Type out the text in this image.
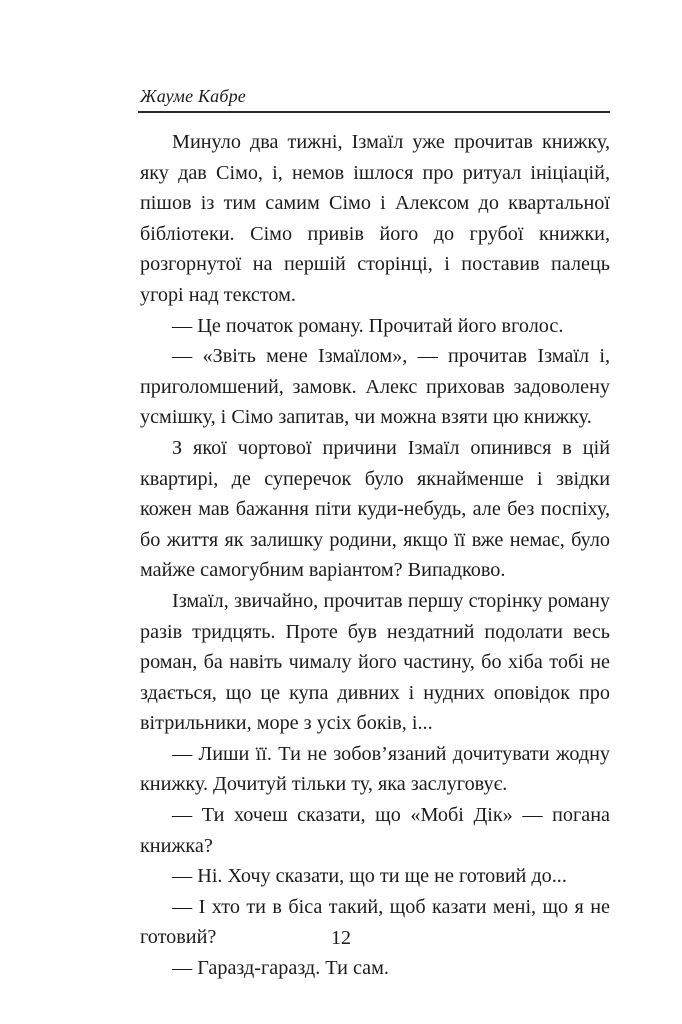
Жауме Кабре

Минуло два тижні, Ізмаїл уже прочитав книжку, яку дав Сімо, і, немов ішлося про ритуал ініціацій, пішов із тим самим Сімо і Алексом до квартальної бібліотеки. Сімо привів його до грубої книжки, розгорнутої на першій сторінці, і поставив палець угорі над текстом.

— Це початок роману. Прочитай його вголос.

— «Звіть мене Ізмаїлом», — прочитав Ізмаїл і, приголомшений, замовк. Алекс приховав задоволену усмішку, і Сімо запитав, чи можна взяти цю книжку.

З якої чортової причини Ізмаїл опинився в цій квартирі, де суперечок було якнайменше і звідки кожен мав бажання піти куди-небудь, але без поспіху, бо життя як залишку родини, якщо її вже немає, було майже самогубним варіантом? Випадково.

Ізмаїл, звичайно, прочитав першу сторінку роману разів тридцять. Проте був нездатний подолати весь роман, ба навіть чималу його частину, бо хіба тобі не здається, що це купа дивних і нудних оповідок про вітрильники, море з усіх боків, і...

— Лиши її. Ти не зобов’язаний дочитувати жодну книжку. Дочитуй тільки ту, яка заслуговує.

— Ти хочеш сказати, що «Мобі Дік» — погана книжка?

— Ні. Хочу сказати, що ти ще не готовий до...

— І хто ти в біса такий, щоб казати мені, що я не готовий?

— Гаразд-гаразд. Ти сам.

12
